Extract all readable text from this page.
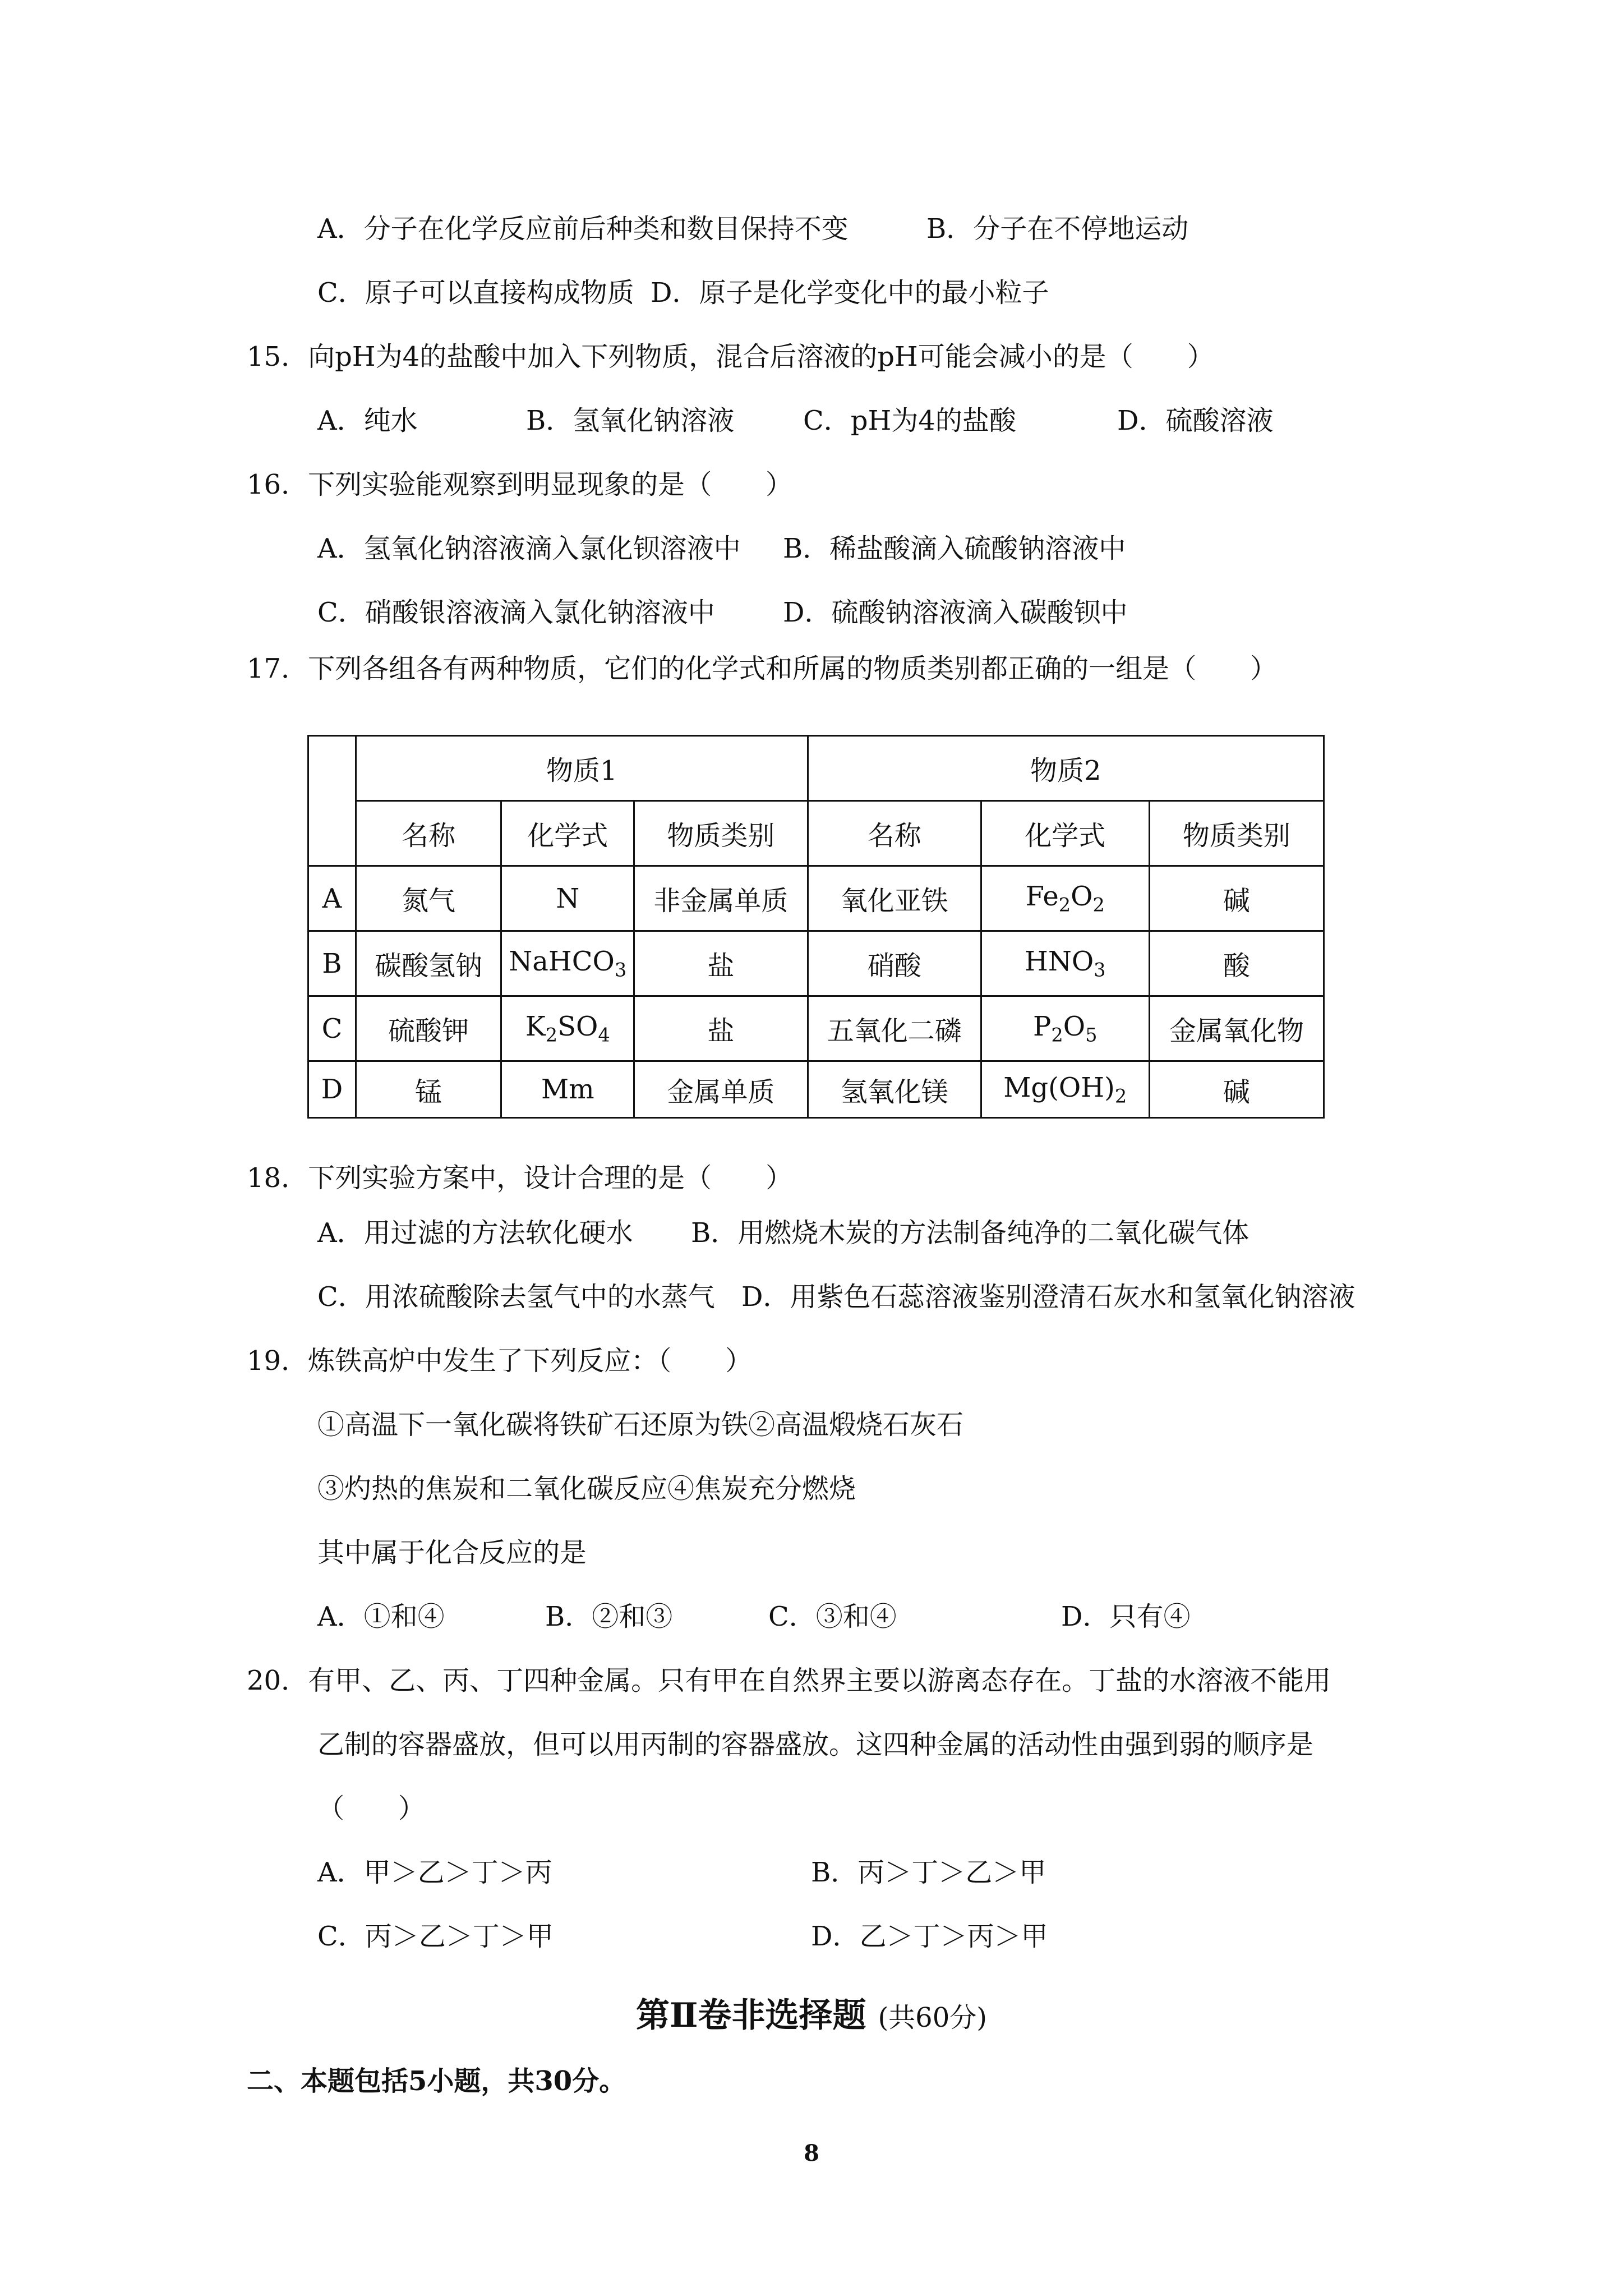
A．分子在化学反应前后种类和数目保持不变	B．分子在不停地运动
C．原子可以直接构成物质 D．原子是化学变化中的最小粒子
15．向pH为4的盐酸中加入下列物质，混合后溶液的pH可能会减小的是（　　）
A．纯水	B．氢氧化钠溶液	C．pH为4的盐酸	D．硫酸溶液
16．下列实验能观察到明显现象的是（　　）
A．氢氧化钠溶液滴入氯化钡溶液中 B．稀盐酸滴入硫酸钠溶液中
C．硝酸银溶液滴入氯化钠溶液中	D．硫酸钠溶液滴入碳酸钡中
17．下列各组各有两种物质，它们的化学式和所属的物质类别都正确的一组是（　　）
	物质1			物质2		
	名称	化学式	物质类别	名称	化学式	物质类别
A	氮气	N	非金属单质	氧化亚铁	$Fe_2O_2$	碱
B	碳酸氢钠	NaHCO$_3$	盐	硝酸	$HNO_3$	酸
C	硫酸钾	$K_2SO_4$	盐	五氧化二磷	$P_2O_5$	金属氧化物
D	锰	Mm	金属单质	氢氧化镁	$Mg(OH)_2$	碱
18．下列实验方案中，设计合理的是（　　）
A．用过滤的方法软化硬水 B．用燃烧木炭的方法制备纯净的二氧化碳气体
C．用浓硫酸除去氢气中的水蒸气 D．用紫色石蕊溶液鉴别澄清石灰水和氢氧化钠溶液
19．炼铁高炉中发生了下列反应：（　　）
①高温下一氧化碳将铁矿石还原为铁②高温煅烧石灰石
③灼热的焦炭和二氧化碳反应④焦炭充分燃烧
其中属于化合反应的是
A．①和④	B．②和③	C．③和④	D．只有④
20．有甲、乙、丙、丁四种金属。只有甲在自然界主要以游离态存在。丁盐的水溶液不能用
乙制的容器盛放，但可以用丙制的容器盛放。这四种金属的活动性由强到弱的顺序是
（　　）
A．甲＞乙＞丁＞丙	B．丙＞丁＞乙＞甲
C．丙＞乙＞丁＞甲	D．乙＞丁＞丙＞甲
第Ⅱ卷非选择题 (共60分)
二、本题包括5小题，共30分。
8
